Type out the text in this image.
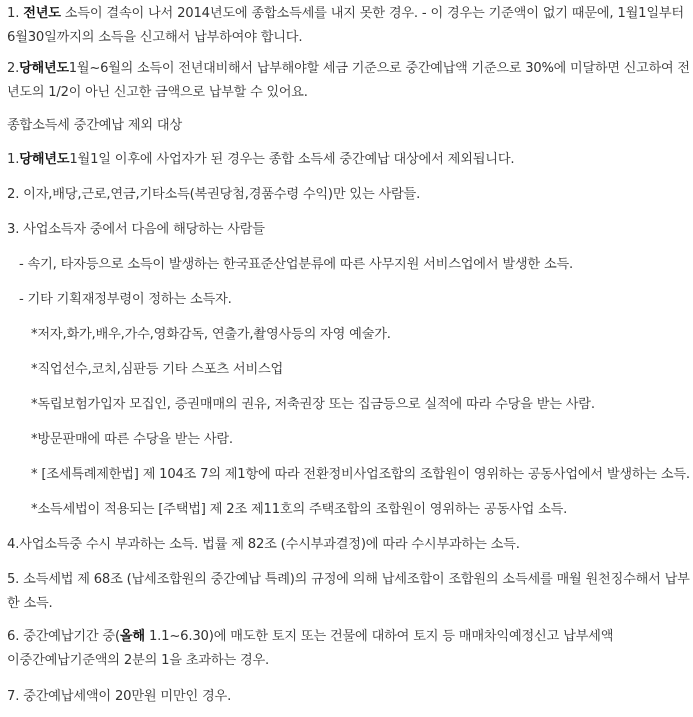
1. 전년도 소득이 결속이 나서 2014년도에 종합소득세를 내지 못한 경우. - 이 경우는 기준액이 없기 때문에, 1월1일부터
6월30일까지의 소득을 신고해서 납부하여야 합니다.
2.당해년도1월~6월의 소득이 전년대비해서 납부해야할 세금 기준으로 중간예납액 기준으로 30%에 미달하면 신고하여 전
년도의 1/2이 아닌 신고한 금액으로 납부할 수 있어요.
종합소득세 중간예납 제외 대상
1.당해년도1월1일 이후에 사업자가 된 경우는 종합 소득세 중간예납 대상에서 제외됩니다.
2. 이자,배당,근로,연금,기타소득(복권당첨,경품수령 수익)만 있는 사람들.
3. 사업소득자 중에서 다음에 해당하는 사람들
- 속기, 타자등으로 소득이 발생하는 한국표준산업분류에 따른 사무지원 서비스업에서 발생한 소득.
- 기타 기획재정부령이 정하는 소득자.
*저자,화가,배우,가수,영화감독, 연출가,촬영사등의 자영 예술가.
*직업선수,코치,심판등 기타 스포츠 서비스업
*독립보험가입자 모집인, 증권매매의 권유, 저축권장 또는 집금등으로 실적에 따라 수당을 받는 사람.
*방문판매에 따른 수당을 받는 사람.
* [조세특례제한법] 제 104조 7의 제1항에 따라 전환정비사업조합의 조합원이 영위하는 공동사업에서 발생하는 소득.
*소득세법이 적용되는 [주택법] 제 2조 제11호의 주택조합의 조합원이 영위하는 공동사업 소득.
4.사업소득중 수시 부과하는 소득. 법률 제 82조 (수시부과결정)에 따라 수시부과하는 소득.
5. 소득세법 제 68조 (납세조합원의 중간예납 특례)의 규정에 의해 납세조합이 조합원의 소득세를 매월 원천징수해서 납부
한 소득.
6. 중간예납기간 중(올해 1.1~6.30)에 매도한 토지 또는 건물에 대하여 토지 등 매매차익예정신고 납부세액
이중간예납기준액의 2분의 1을 초과하는 경우.
7. 중간예납세액이 20만원 미만인 경우.
